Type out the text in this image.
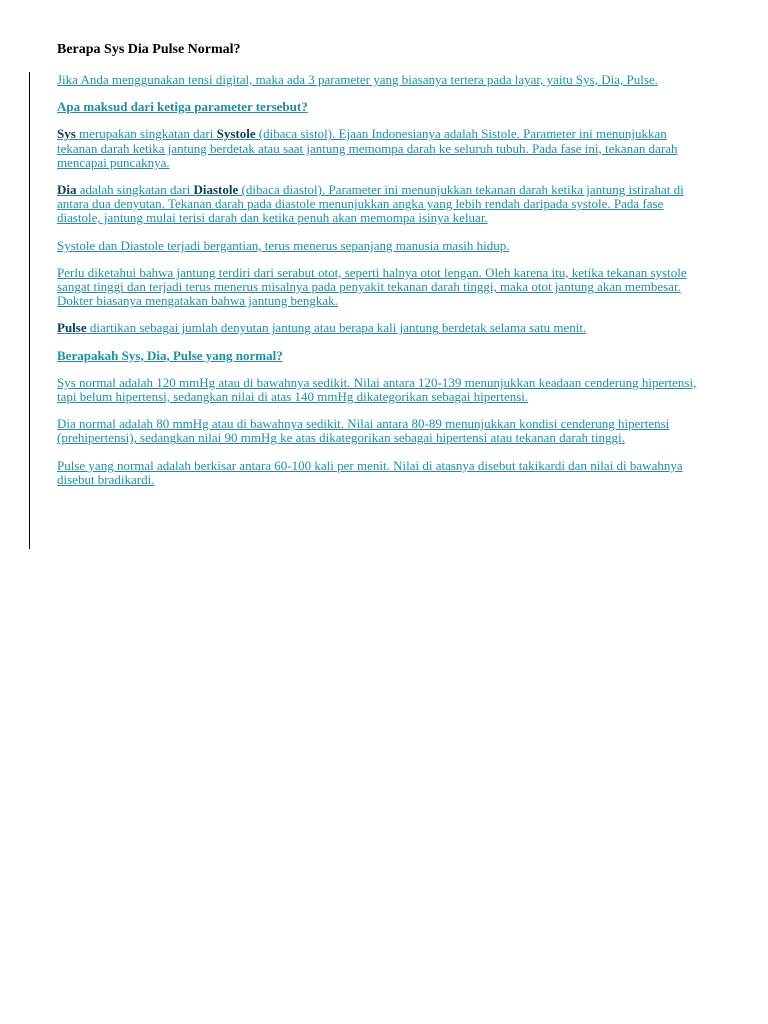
Berapa Sys Dia Pulse Normal?

Jika Anda menggunakan tensi digital, maka ada 3 parameter yang biasanya tertera pada layar, yaitu Sys, Dia, Pulse.

Apa maksud dari ketiga parameter tersebut?

Sys merupakan singkatan dari Systole (dibaca sistol). Ejaan Indonesianya adalah Sistole. Parameter ini menunjukkan tekanan darah ketika jantung berdetak atau saat jantung memompa darah ke seluruh tubuh. Pada fase ini, tekanan darah mencapai puncaknya.

Dia adalah singkatan dari Diastole (dibaca diastol). Parameter ini menunjukkan tekanan darah ketika jantung istirahat di antara dua denyutan. Tekanan darah pada diastole menunjukkan angka yang lebih rendah daripada systole. Pada fase diastole, jantung mulai terisi darah dan ketika penuh akan memompa isinya keluar.

Systole dan Diastole terjadi bergantian, terus menerus sepanjang manusia masih hidup.

Perlu diketahui bahwa jantung terdiri dari serabut otot, seperti halnya otot lengan. Oleh karena itu, ketika tekanan systole sangat tinggi dan terjadi terus menerus misalnya pada penyakit tekanan darah tinggi, maka otot jantung akan membesar. Dokter biasanya mengatakan bahwa jantung bengkak.

Pulse diartikan sebagai jumlah denyutan jantung atau berapa kali jantung berdetak selama satu menit.

Berapakah Sys, Dia, Pulse yang normal?

Sys normal adalah 120 mmHg atau di bawahnya sedikit. Nilai antara 120-139 menunjukkan keadaan cenderung hipertensi, tapi belum hipertensi, sedangkan nilai di atas 140 mmHg dikategorikan sebagai hipertensi.

Dia normal adalah 80 mmHg atau di bawahnya sedikit. Nilai antara 80-89 menunjukkan kondisi cenderung hipertensi (prehipertensi), sedangkan nilai 90 mmHg ke atas dikategorikan sebagai hipertensi atau tekanan darah tinggi.

Pulse yang normal adalah berkisar antara 60-100 kali per menit. Nilai di atasnya disebut takikardi dan nilai di bawahnya disebut bradikardi.
